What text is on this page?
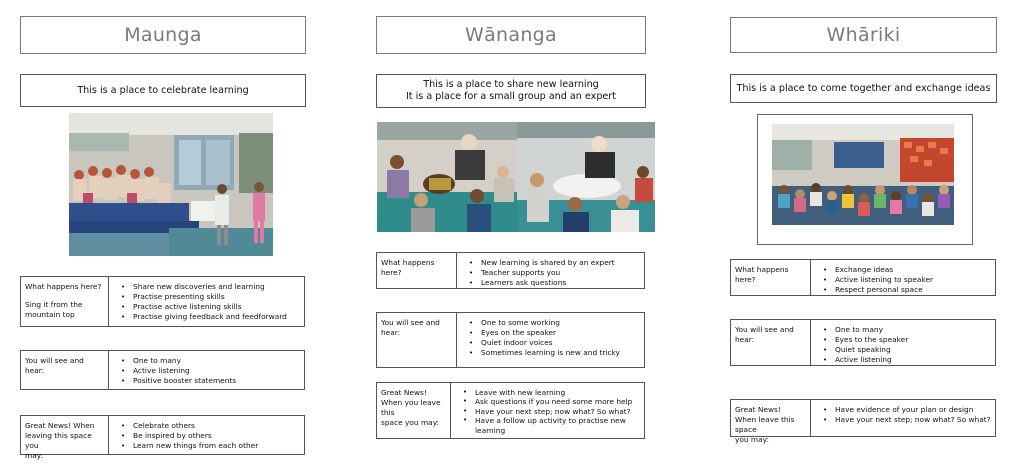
Maunga
This is a place to celebrate learning
What happens here?
Sing it from the
mountain top
• Share new discoveries and learning
• Practise presenting skills
• Practise active listening skills
• Practise giving feedback and feedforward
You will see and hear:
• One to many
• Active listening
• Positive booster statements
Great News! When
leaving this space you
may:
• Celebrate others
• Be inspired by others
• Learn new things from each other
Wānanga
This is a place to share new learning
It is a place for a small group and an expert
What happens here?
• New learning is shared by an expert
• Teacher supports you
• Learners ask questions
You will see and hear:
• One to some working
• Eyes on the speaker
• Quiet indoor voices
• Sometimes learning is new and tricky
Great News!
When you leave this
space you may:
• Leave with new learning
• Ask questions if you need some more help
• Have your next step; now what? So what?
• Have a follow up activity to practise new learning
Whāriki
This is a place to come together and exchange ideas
What happens here?
• Exchange ideas
• Active listening to speaker
• Respect personal space
You will see and hear:
• One to many
• Eyes to the speaker
• Quiet speaking
• Active listening
Great News!
When leave this space
you may:
• Have evidence of your plan or design
• Have your next step; now what? So what?
